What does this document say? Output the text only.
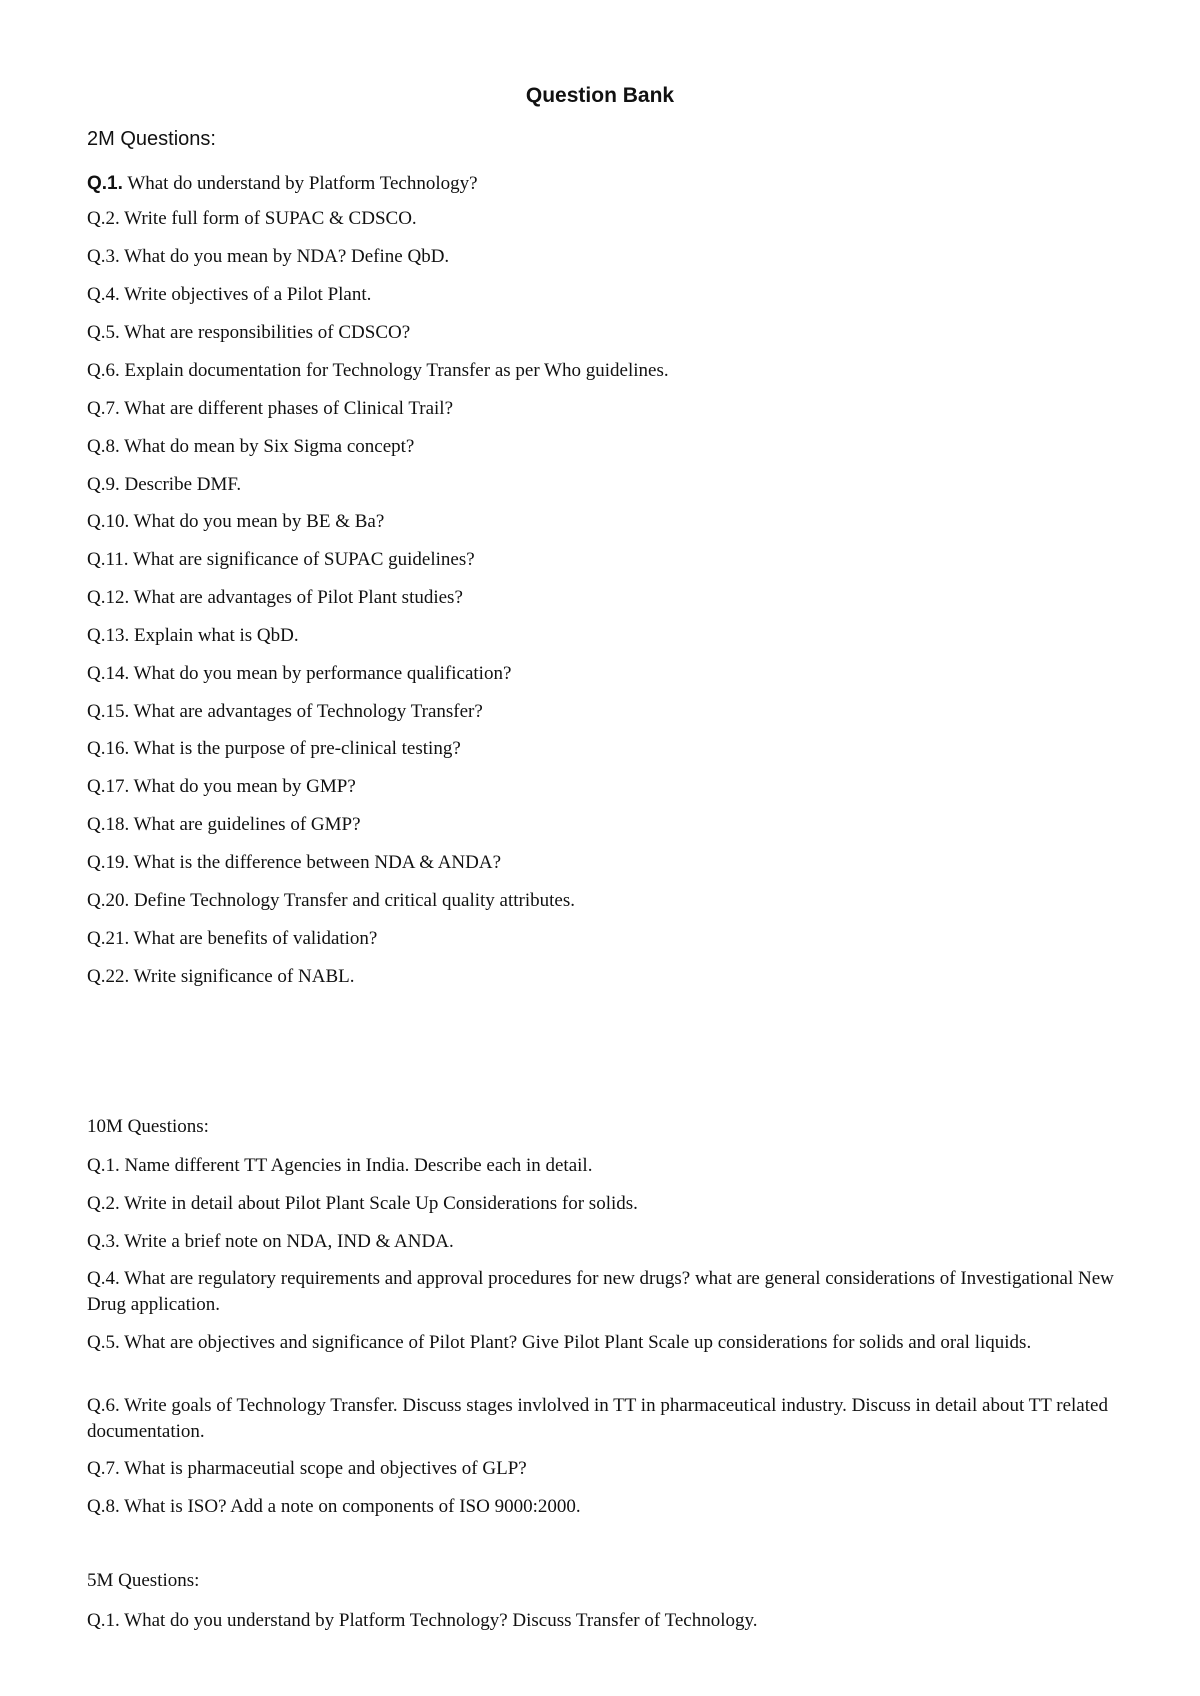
Question Bank
2M Questions:
Q.1. What do understand by Platform Technology?
Q.2. Write full form of SUPAC & CDSCO.
Q.3. What do you mean by NDA? Define QbD.
Q.4. Write objectives of a Pilot Plant.
Q.5. What are responsibilities of CDSCO?
Q.6. Explain documentation for Technology Transfer as per Who guidelines.
Q.7. What are different phases of Clinical Trail?
Q.8. What do mean by Six Sigma concept?
Q.9. Describe DMF.
Q.10. What do you mean by BE & Ba?
Q.11. What are significance of SUPAC guidelines?
Q.12. What are advantages of Pilot Plant studies?
Q.13. Explain what is QbD.
Q.14. What do you mean by performance qualification?
Q.15. What are advantages of Technology Transfer?
Q.16. What is the purpose of pre-clinical testing?
Q.17. What do you mean by GMP?
Q.18. What are guidelines of GMP?
Q.19. What is the difference between NDA & ANDA?
Q.20. Define Technology Transfer and critical quality attributes.
Q.21. What are benefits of validation?
Q.22. Write significance of NABL.
10M Questions:
Q.1. Name different TT Agencies in India. Describe each in detail.
Q.2. Write in detail about Pilot Plant Scale Up Considerations for solids.
Q.3. Write a brief note on NDA, IND & ANDA.
Q.4. What are regulatory requirements and approval procedures for new drugs? what are general considerations of Investigational New Drug application.
Q.5. What are objectives and significance of Pilot Plant? Give Pilot Plant Scale up considerations for solids and oral liquids.
Q.6. Write goals of Technology Transfer. Discuss stages invlolved in TT in pharmaceutical industry. Discuss in detail about TT related documentation.
Q.7. What is pharmaceutial scope and objectives of GLP?
Q.8. What is ISO? Add a note on components of ISO 9000:2000.
5M Questions:
Q.1. What do you understand by Platform Technology? Discuss Transfer of Technology.
